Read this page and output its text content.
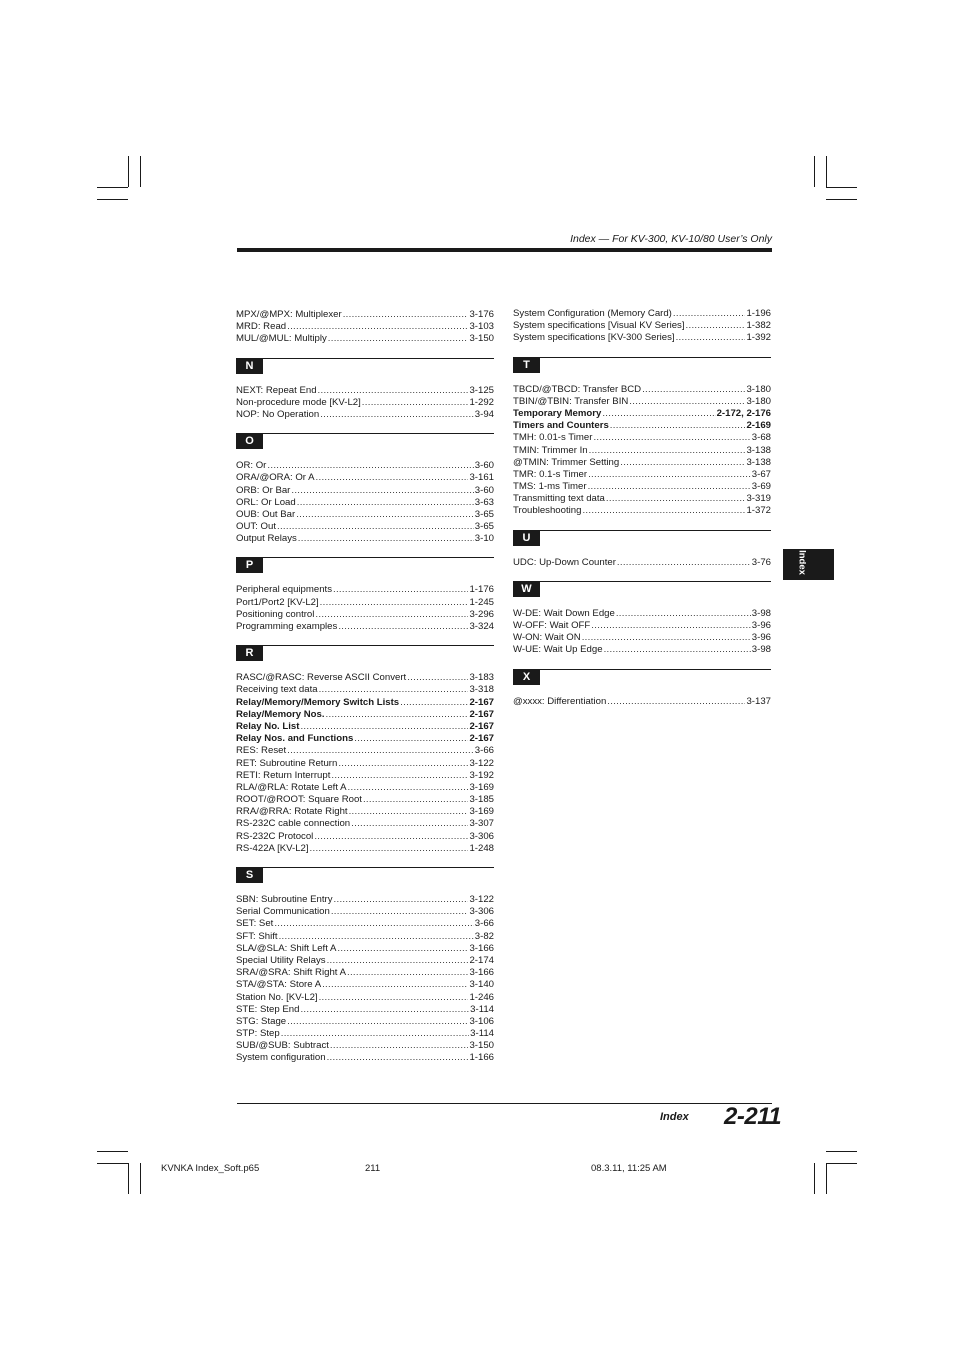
Index — For KV-300, KV-10/80 User’s Only
MPX/@MPX: Multiplexer .....	3-176
MRD: Read .....	3-103
MUL/@MUL: Multiply .....	3-150
N
NEXT: Repeat End .....	3-125
Non-procedure mode [KV-L2] .....	1-292
NOP: No Operation .....	3-94
O
OR: Or .....	3-60
ORA/@ORA: Or A .....	3-161
ORB: Or Bar .....	3-60
ORL: Or Load .....	3-63
OUB: Out Bar .....	3-65
OUT: Out .....	3-65
Output Relays .....	3-10
P
Peripheral equipments .....	1-176
Port1/Port2 [KV-L2] .....	1-245
Positioning control .....	3-296
Programming examples .....	3-324
R
RASC/@RASC: Reverse ASCII Convert .....	3-183
Receiving text data .....	3-318
Relay/Memory/Memory Switch Lists .....	2-167
Relay/Memory Nos. .....	2-167
Relay No. List .....	2-167
Relay Nos. and Functions .....	2-167
RES: Reset .....	3-66
RET: Subroutine Return .....	3-122
RETI: Return Interrupt .....	3-192
RLA/@RLA: Rotate Left A .....	3-169
ROOT/@ROOT: Square Root .....	3-185
RRA/@RRA: Rotate Right .....	3-169
RS-232C cable connection .....	3-307
RS-232C Protocol .....	3-306
RS-422A [KV-L2] .....	1-248
S
SBN: Subroutine Entry .....	3-122
Serial Communication .....	3-306
SET: Set .....	3-66
SFT: Shift .....	3-82
SLA/@SLA: Shift Left A .....	3-166
Special Utility Relays .....	2-174
SRA/@SRA: Shift Right A .....	3-166
STA/@STA: Store A .....	3-140
Station No. [KV-L2] .....	1-246
STE: Step End .....	3-114
STG: Stage .....	3-106
STP: Step .....	3-114
SUB/@SUB: Subtract .....	3-150
System configuration .....	1-166
System Configuration (Memory Card) .....	1-196
System specifications [Visual KV Series] .....	1-382
System specifications [KV-300 Series] .....	1-392
T
TBCD/@TBCD: Transfer BCD .....	3-180
TBIN/@TBIN: Transfer BIN .....	3-180
Temporary Memory .....	2-172, 2-176
Timers and Counters .....	2-169
TMH: 0.01-s Timer .....	3-68
TMIN: Trimmer In .....	3-138
@TMIN: Trimmer Setting .....	3-138
TMR: 0.1-s Timer .....	3-67
TMS: 1-ms Timer .....	3-69
Transmitting text data .....	3-319
Troubleshooting .....	1-372
U
UDC: Up-Down Counter .....	3-76
W
W-DE: Wait Down Edge .....	3-98
W-OFF: Wait OFF .....	3-96
W-ON: Wait ON .....	3-96
W-UE: Wait Up Edge .....	3-98
X
@xxxx: Differentiation .....	3-137
Index
Index 2-211
KVNKA Index_Soft.p65	211	08.3.11, 11:25 AM
